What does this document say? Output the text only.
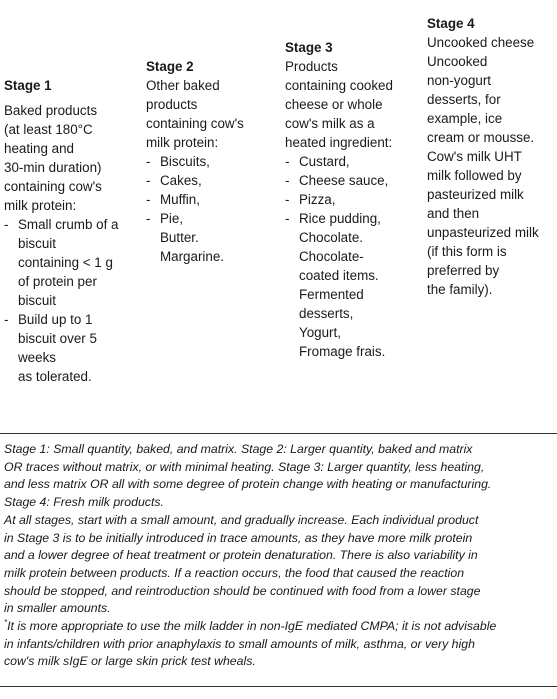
Stage 1
Baked products
(at least 180°C
heating and
30-min duration)
containing cow's
milk protein:
- Small crumb of a
biscuit
containing < 1 g
of protein per
biscuit
- Build up to 1
biscuit over 5
weeks
as tolerated.
Stage 2
Other baked
products
containing cow's
milk protein:
- Biscuits,
- Cakes,
- Muffin,
- Pie,
Butter.
Margarine.
Stage 3
Products
containing cooked
cheese or whole
cow's milk as a
heated ingredient:
- Custard,
- Cheese sauce,
- Pizza,
- Rice pudding,
Chocolate.
Chocolate-
coated items.
Fermented
desserts,
Yogurt,
Fromage frais.
Stage 4
Uncooked cheese
Uncooked
non-yogurt
desserts, for
example, ice
cream or mousse.
Cow's milk UHT
milk followed by
pasteurized milk
and then
unpasteurized milk
(if this form is
preferred by
the family).
Stage 1: Small quantity, baked, and matrix. Stage 2: Larger quantity, baked and matrix
OR traces without matrix, or with minimal heating. Stage 3: Larger quantity, less heating,
and less matrix OR all with some degree of protein change with heating or manufacturing.
Stage 4: Fresh milk products.
At all stages, start with a small amount, and gradually increase. Each individual product
in Stage 3 is to be initially introduced in trace amounts, as they have more milk protein
and a lower degree of heat treatment or protein denaturation. There is also variability in
milk protein between products. If a reaction occurs, the food that caused the reaction
should be stopped, and reintroduction should be continued with food from a lower stage
in smaller amounts.
*It is more appropriate to use the milk ladder in non-IgE mediated CMPA; it is not advisable
in infants/children with prior anaphylaxis to small amounts of milk, asthma, or very high
cow's milk sIgE or large skin prick test wheals.
